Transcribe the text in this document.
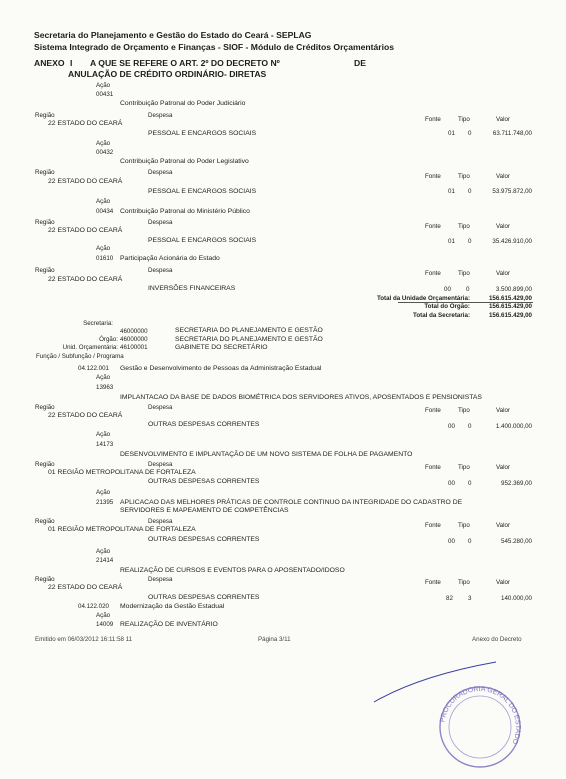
Secretaria do Planejamento e Gestão do Estado do Ceará - SEPLAG
Sistema Integrado de Orçamento e Finanças - SIOF - Módulo de Créditos Orçamentários
ANEXO I A QUE SE REFERE O ART. 2º DO DECRETO Nº	DE
ANULAÇÃO DE CRÉDITO ORDINÁRIO- DIRETAS
Ação
00431
Contribuição Patronal do Poder Judiciário
Região	Despesa
Fonte	Tipo	Valor
22 ESTADO DO CEARÁ
PESSOAL E ENCARGOS SOCIAIS	01 0	63.711.748,00
Ação
00432
Contribuição Patronal do Poder Legislativo
Região	Despesa
Fonte	Tipo	Valor
22 ESTADO DO CEARÁ
PESSOAL E ENCARGOS SOCIAIS	01 0	53.975.872,00
Ação
00434 Contribuição Patronal do Ministério Público
Região	Despesa
Fonte	Tipo	Valor
22 ESTADO DO CEARÁ
PESSOAL E ENCARGOS SOCIAIS	01 0	35.426.910,00
Ação
01610 Participação Acionária do Estado
Região	Despesa	Fonte	Tipo	Valor
22 ESTADO DO CEARÁ
INVERSÕES FINANCEIRAS	00 0	3.500.899,00
Total da Unidade Orçamentária:	156.615.429,00
Total do Órgão:	156.615.429,00
Total da Secretaria:	156.615.429,00
Secretaria:
46000000	SECRETARIA DO PLANEJAMENTO E GESTÃO
Órgão: 46000000	SECRETARIA DO PLANEJAMENTO E GESTÃO
Unid. Orçamentária: 46100001	GABINETE DO SECRETÁRIO
Função / Subfunção / Programa
04.122.001 Gestão e Desenvolvimento de Pessoas da Administração Estadual
Ação
13963
IMPLANTACAO DA BASE DE DADOS BIOMÉTRICA DOS SERVIDORES ATIVOS, APOSENTADOS E PENSIONISTAS
Região	Despesa	Fonte	Tipo	Valor
22 ESTADO DO CEARÁ
OUTRAS DESPESAS CORRENTES	00 0	1.400.000,00
Ação
14173
DESENVOLVIMENTO E IMPLANTAÇÃO DE UM NOVO SISTEMA DE FOLHA DE PAGAMENTO
Região	Despesa	Fonte	Tipo	Valor
01 REGIÃO METROPOLITANA DE FORTALEZA
OUTRAS DESPESAS CORRENTES	00 0	952.369,00
Ação
21395 APLICACAO DAS MELHORES PRÁTICAS DE CONTROLE CONTINUO DA INTEGRIDADE DO CADASTRO DE
SERVIDORES E MAPEAMENTO DE COMPETÊNCIAS
Região	Despesa
Fonte	Tipo	Valor
01 REGIÃO METROPOLITANA DE FORTALEZA
OUTRAS DESPESAS CORRENTES	00 0	545.280,00
Ação
21414
REALIZAÇÃO DE CURSOS E EVENTOS PARA O APOSENTADO/IDOSO
Região	Despesa	Fonte	Tipo	Valor
22 ESTADO DO CEARÁ
OUTRAS DESPESAS CORRENTES	82 3	140.000,00
04.122.020 Modernização da Gestão Estadual
Ação
14009 REALIZAÇÃO DE INVENTÁRIO
Emitido em 06/03/2012 16:11:58 11	Página 3/11	Anexo do Decreto
PROCURADORIA GERAL DO ESTADO
